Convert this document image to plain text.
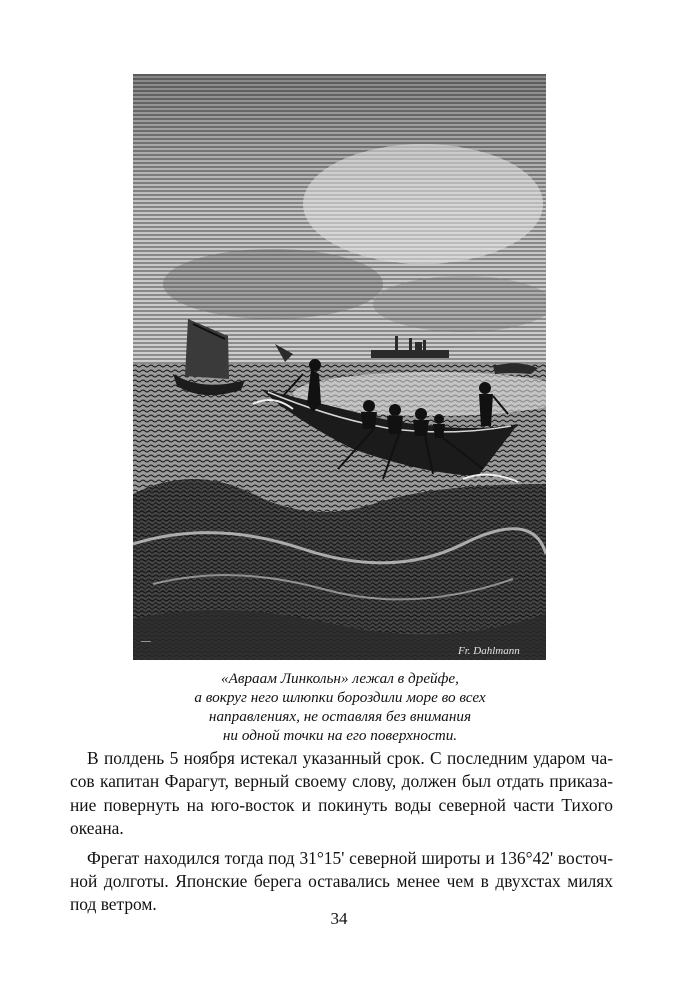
—
Fr. Dahlmann
«Авраам Линкольн» лежал в дрейфе,
а вокруг него шлюпки бороздили море во всех
направлениях, не оставляя без внимания
ни одной точки на его поверхности.
В полдень 5 ноября истекал указанный срок. С последним ударом ча-
сов капитан Фарагут, верный своему слову, должен был отдать приказа-
ние повернуть на юго-восток и покинуть воды северной части Тихого
океана.
Фрегат находился тогда под 31°15' северной широты и 136°42' восточ-
ной долготы. Японские берега оставались менее чем в двухстах милях
под ветром.
34
